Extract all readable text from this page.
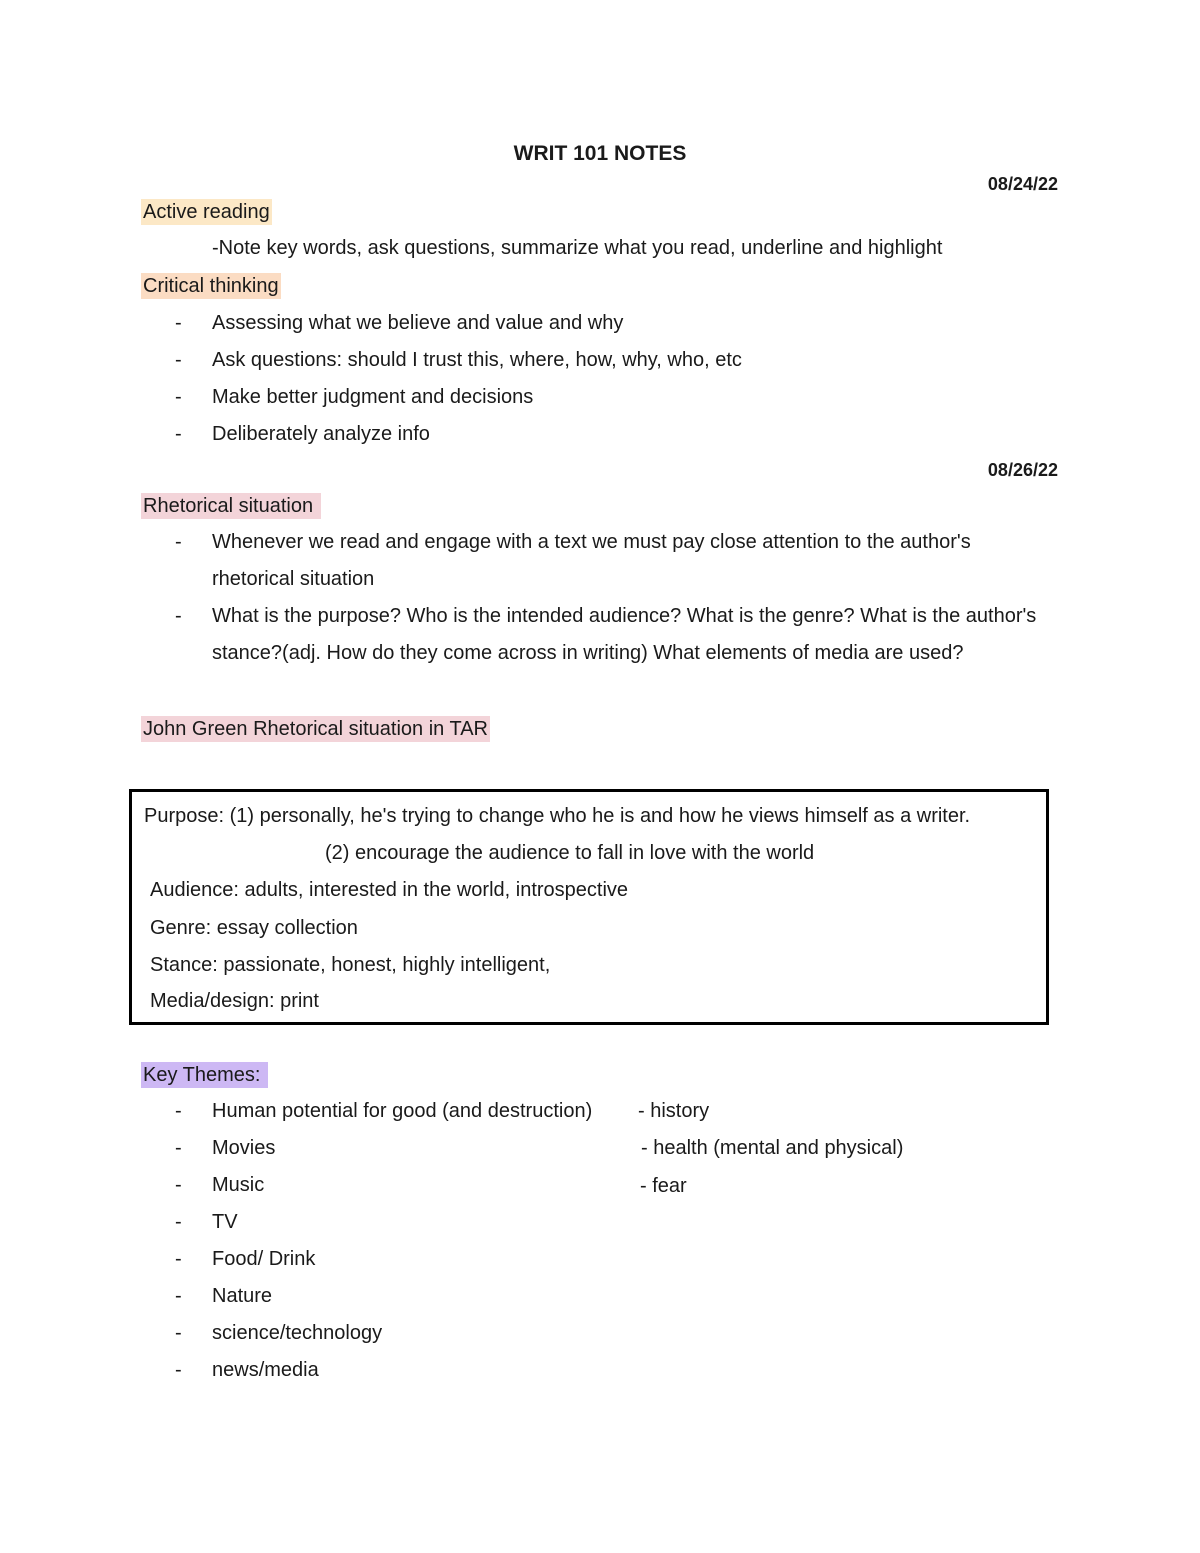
WRIT 101 NOTES
08/24/22
Active reading
-Note key words, ask questions, summarize what you read, underline and highlight
Critical thinking
- Assessing what we believe and value and why
- Ask questions: should I trust this, where, how, why, who, etc
- Make better judgment and decisions
- Deliberately analyze info
08/26/22
Rhetorical situation
- Whenever we read and engage with a text we must pay close attention to the author's rhetorical situation
- What is the purpose? Who is the intended audience? What is the genre? What is the author's stance?(adj. How do they come across in writing) What elements of media are used?
John Green Rhetorical situation in TAR
Purpose: (1) personally, he's trying to change who he is and how he views himself as a writer.
(2) encourage the audience to fall in love with the world
Audience: adults, interested in the world, introspective
Genre: essay collection
Stance: passionate, honest, highly intelligent,
Media/design: print
Key Themes:
- Human potential for good (and destruction)
- Movies
- Music
- TV
- Food/ Drink
- Nature
- science/technology
- news/media
- history
- health (mental and physical)
- fear
